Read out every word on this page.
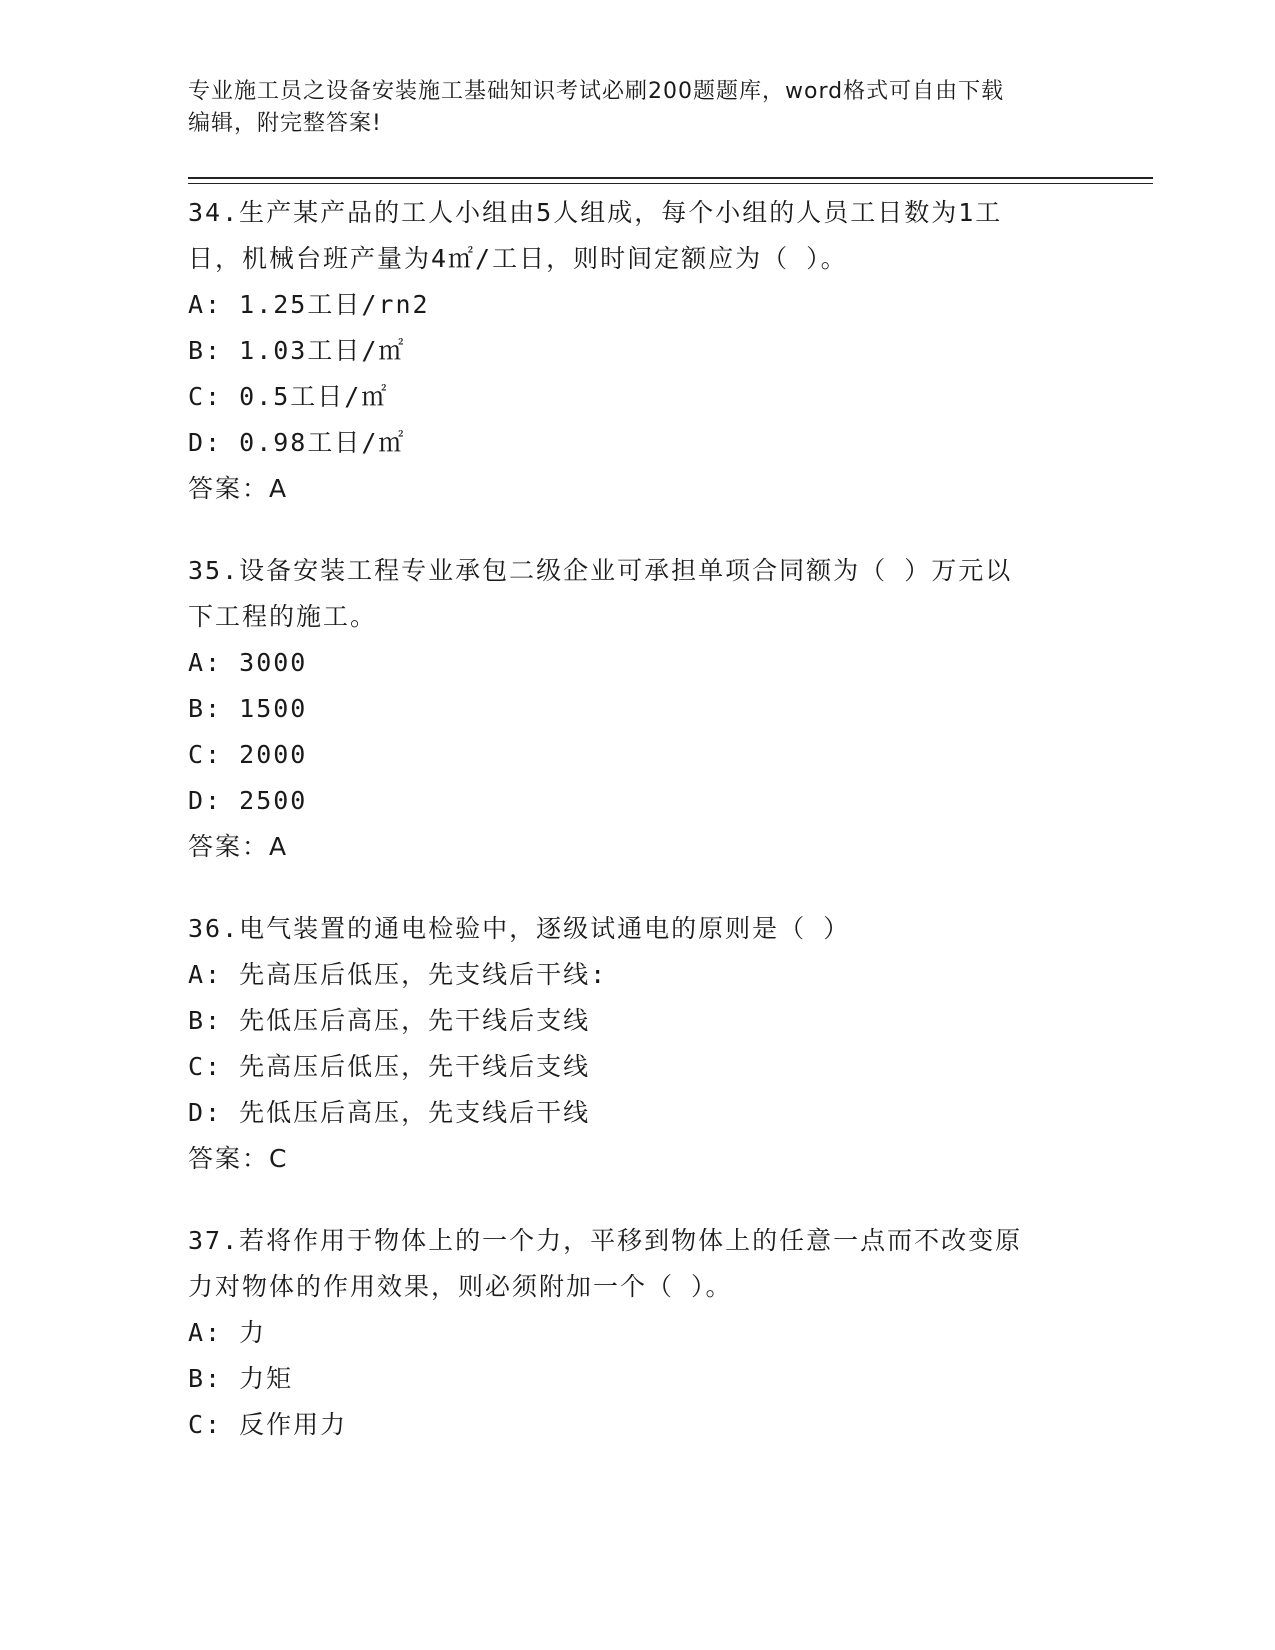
专业施工员之设备安装施工基础知识考试必刷200题题库，word格式可自由下载
编辑，附完整答案!
34.生产某产品的工人小组由5人组成，每个小组的人员工日数为1工
日，机械台班产量为4㎡/工日，则时间定额应为（ ）。
A: 1.25工日/rn2
B: 1.03工日/㎡
C: 0.5工日/㎡
D: 0.98工日/㎡
答案：A
35.设备安装工程专业承包二级企业可承担单项合同额为（ ）万元以
下工程的施工。
A: 3000
B: 1500
C: 2000
D: 2500
答案：A
36.电气装置的通电检验中，逐级试通电的原则是（ ）
A: 先高压后低压，先支线后干线:
B: 先低压后高压，先干线后支线
C: 先高压后低压，先干线后支线
D: 先低压后高压，先支线后干线
答案：C
37.若将作用于物体上的一个力，平移到物体上的任意一点而不改变原
力对物体的作用效果，则必须附加一个（ ）。
A: 力
B: 力矩
C: 反作用力
